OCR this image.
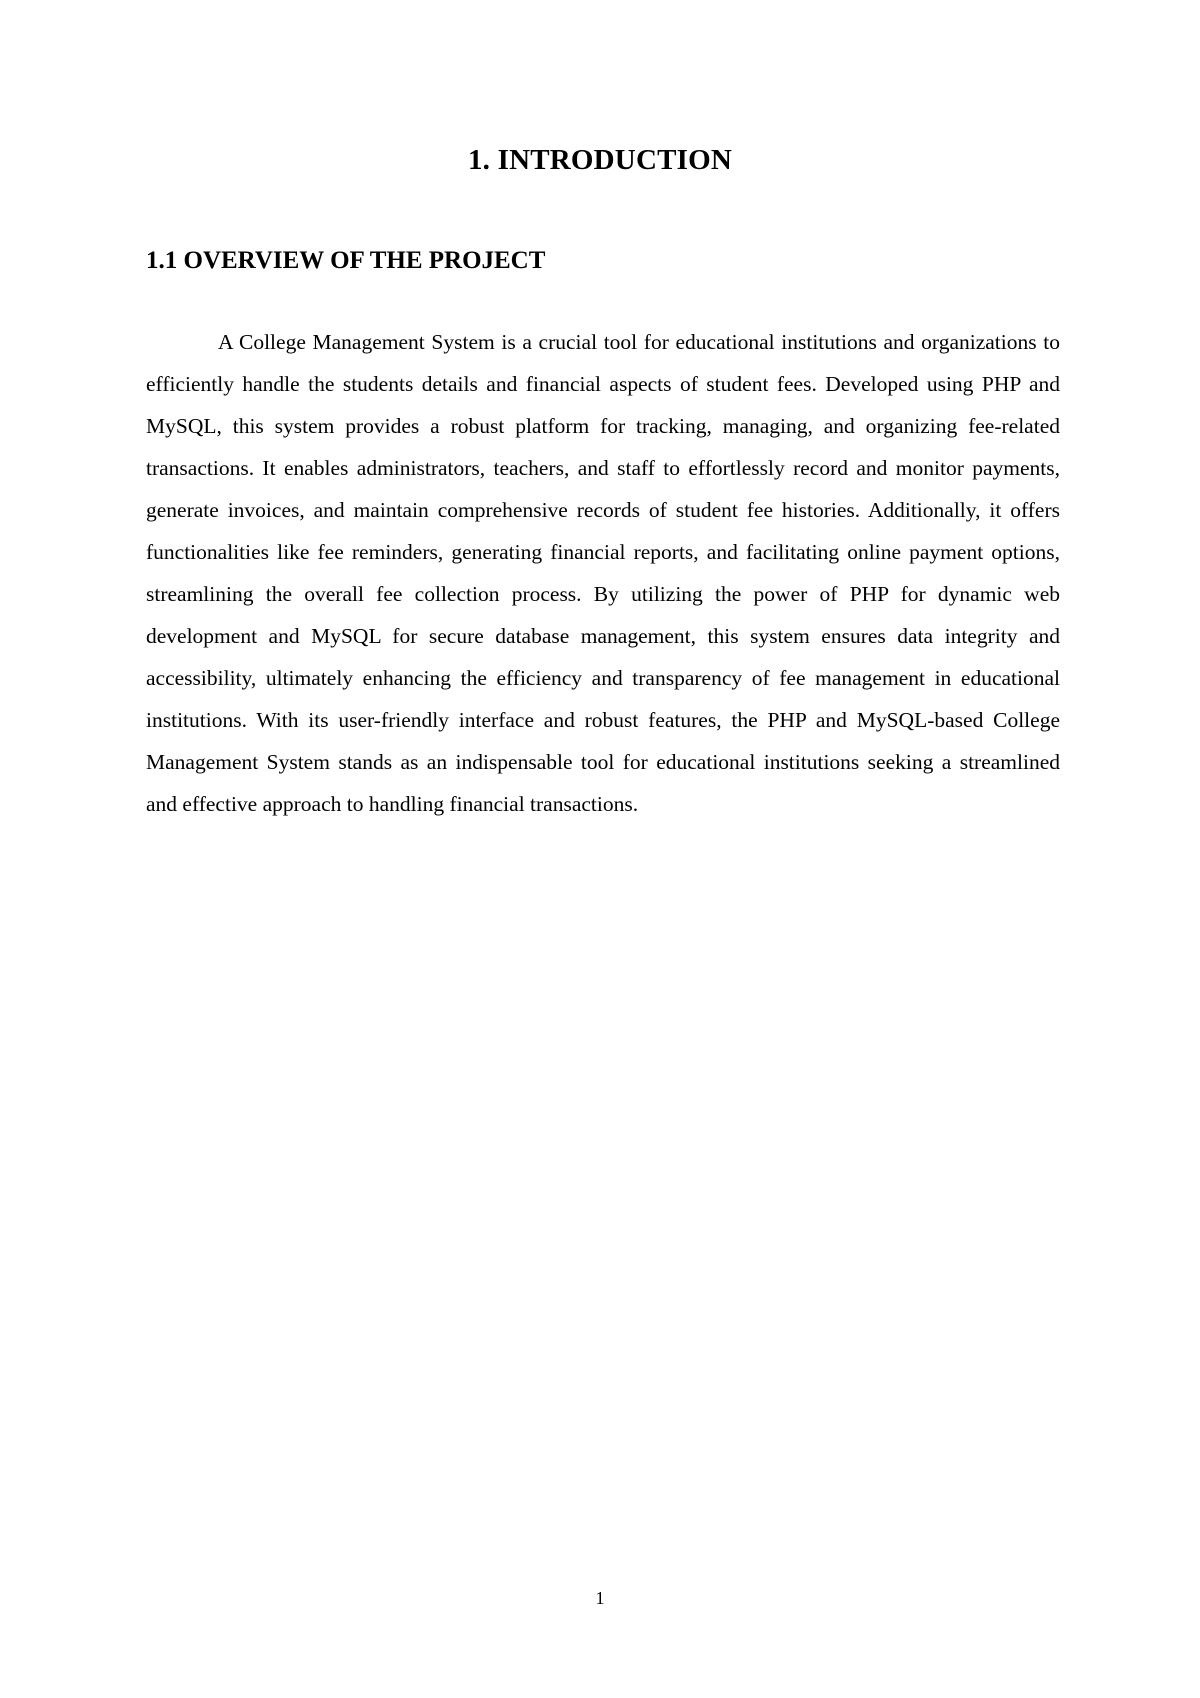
1. INTRODUCTION
1.1 OVERVIEW OF THE PROJECT

A College Management System is a crucial tool for educational institutions and organizations to efficiently handle the students details and financial aspects of student fees. Developed using PHP and MySQL, this system provides a robust platform for tracking, managing, and organizing fee-related transactions. It enables administrators, teachers, and staff to effortlessly record and monitor payments, generate invoices, and maintain comprehensive records of student fee histories. Additionally, it offers functionalities like fee reminders, generating financial reports, and facilitating online payment options, streamlining the overall fee collection process. By utilizing the power of PHP for dynamic web development and MySQL for secure database management, this system ensures data integrity and accessibility, ultimately enhancing the efficiency and transparency of fee management in educational institutions. With its user-friendly interface and robust features, the PHP and MySQL-based College Management System stands as an indispensable tool for educational institutions seeking a streamlined and effective approach to handling financial transactions.

1
